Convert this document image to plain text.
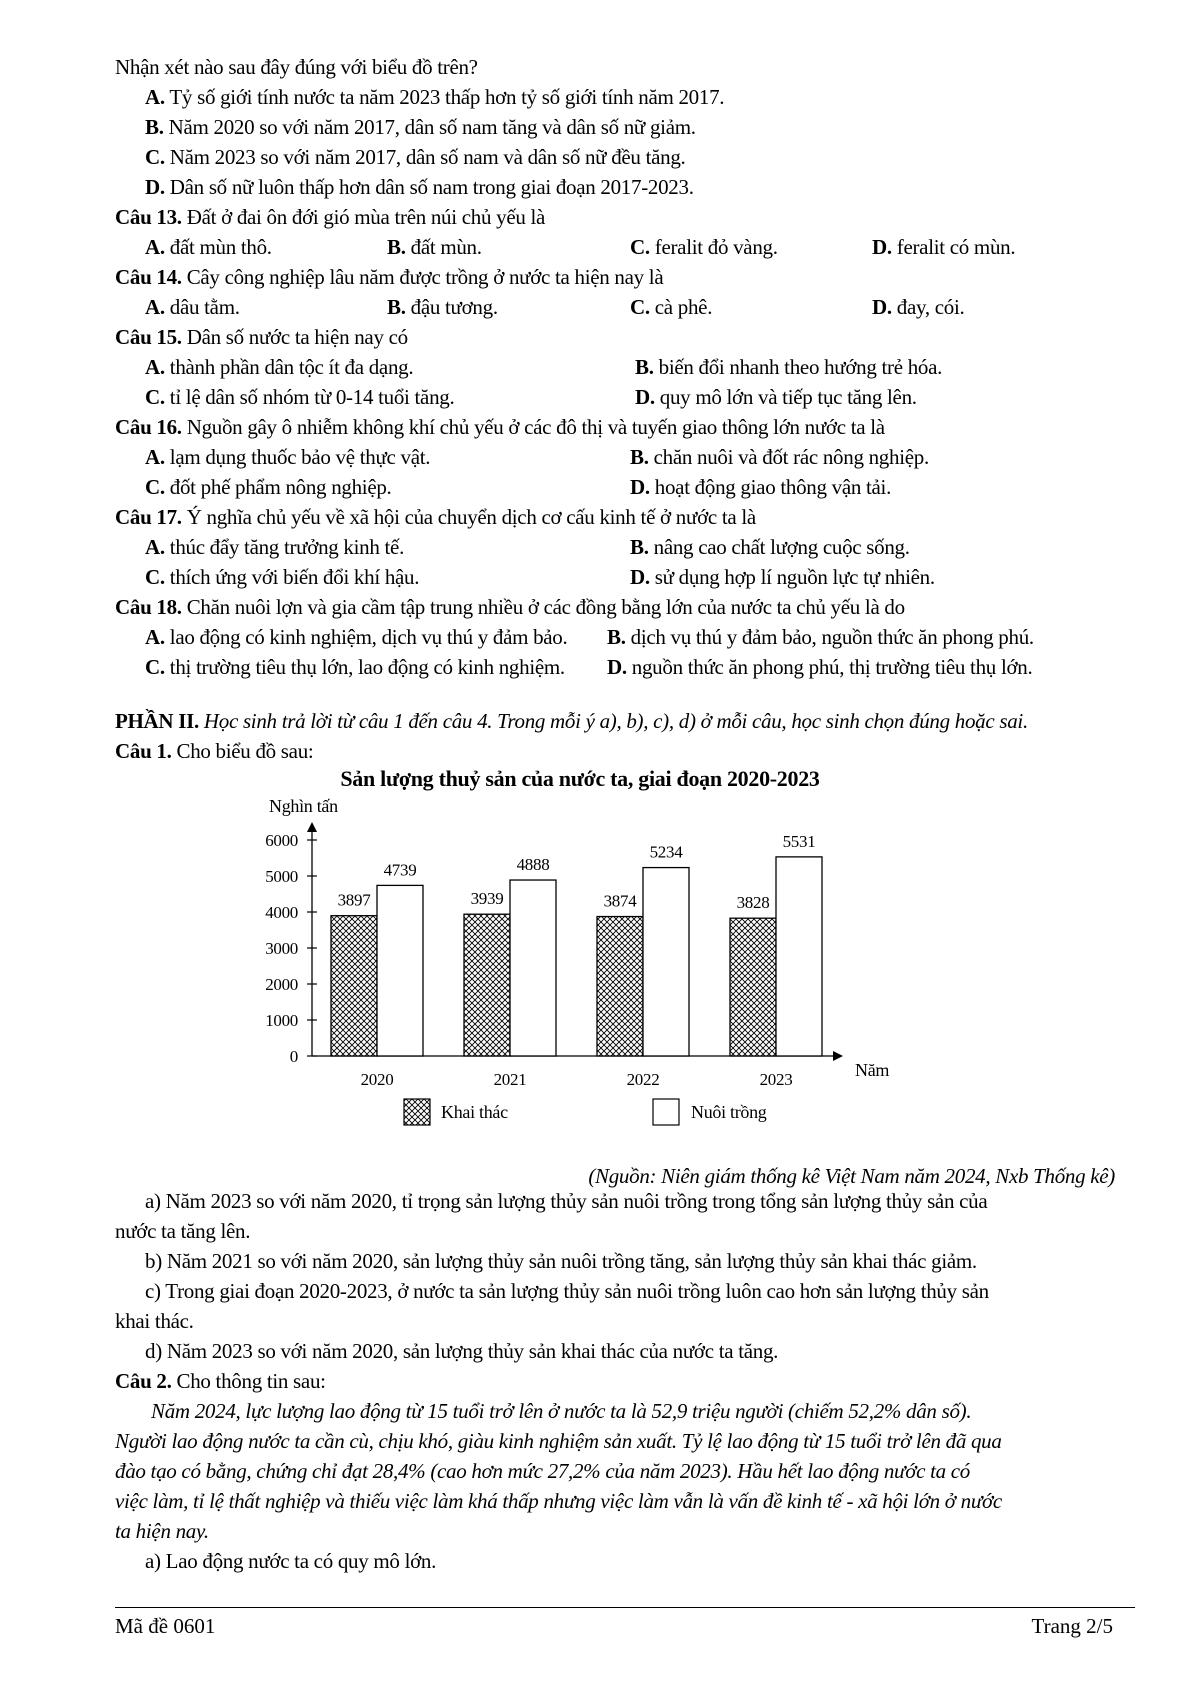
Nhận xét nào sau đây đúng với biểu đồ trên?
A. Tỷ số giới tính nước ta năm 2023 thấp hơn tỷ số giới tính năm 2017.
B. Năm 2020 so với năm 2017, dân số nam tăng và dân số nữ giảm.
C. Năm 2023 so với năm 2017, dân số nam và dân số nữ đều tăng.
D. Dân số nữ luôn thấp hơn dân số nam trong giai đoạn 2017-2023.
Câu 13. Đất ở đai ôn đới gió mùa trên núi chủ yếu là
A. đất mùn thô.	B. đất mùn.	C. feralit đỏ vàng.	D. feralit có mùn.
Câu 14. Cây công nghiệp lâu năm được trồng ở nước ta hiện nay là
A. dâu tằm.	B. đậu tương.	C. cà phê.	D. đay, cói.
Câu 15. Dân số nước ta hiện nay có
A. thành phần dân tộc ít đa dạng.	B. biến đổi nhanh theo hướng trẻ hóa.
C. tỉ lệ dân số nhóm từ 0-14 tuổi tăng.	D. quy mô lớn và tiếp tục tăng lên.
Câu 16. Nguồn gây ô nhiễm không khí chủ yếu ở các đô thị và tuyến giao thông lớn nước ta là
A. lạm dụng thuốc bảo vệ thực vật.	B. chăn nuôi và đốt rác nông nghiệp.
C. đốt phế phẩm nông nghiệp.	D. hoạt động giao thông vận tải.
Câu 17. Ý nghĩa chủ yếu về xã hội của chuyển dịch cơ cấu kinh tế ở nước ta là
A. thúc đẩy tăng trưởng kinh tế.	B. nâng cao chất lượng cuộc sống.
C. thích ứng với biến đổi khí hậu.	D. sử dụng hợp lí nguồn lực tự nhiên.
Câu 18. Chăn nuôi lợn và gia cầm tập trung nhiều ở các đồng bằng lớn của nước ta chủ yếu là do
A. lao động có kinh nghiệm, dịch vụ thú y đảm bảo. B. dịch vụ thú y đảm bảo, nguồn thức ăn phong phú.
C. thị trường tiêu thụ lớn, lao động có kinh nghiệm. D. nguồn thức ăn phong phú, thị trường tiêu thụ lớn.
PHẦN II. Học sinh trả lời từ câu 1 đến câu 4. Trong mỗi ý a), b), c), d) ở mỗi câu, học sinh chọn đúng hoặc sai.
Câu 1. Cho biểu đồ sau:
Sản lượng thuỷ sản của nước ta, giai đoạn 2020-2023
Nghìn tấn
Năm
0
1000
2000
3000
4000
5000
6000
3897
4739
2020
3939
4888
2021
3874
5234
2022
3828
5531
2023
Khai thác	Nuôi trồng
(Nguồn: Niên giám thống kê Việt Nam năm 2024, Nxb Thống kê)
a) Năm 2023 so với năm 2020, tỉ trọng sản lượng thủy sản nuôi trồng trong tổng sản lượng thủy sản của
nước ta tăng lên.
b) Năm 2021 so với năm 2020, sản lượng thủy sản nuôi trồng tăng, sản lượng thủy sản khai thác giảm.
c) Trong giai đoạn 2020-2023, ở nước ta sản lượng thủy sản nuôi trồng luôn cao hơn sản lượng thủy sản
khai thác.
d) Năm 2023 so với năm 2020, sản lượng thủy sản khai thác của nước ta tăng.
Câu 2. Cho thông tin sau:
Năm 2024, lực lượng lao động từ 15 tuổi trở lên ở nước ta là 52,9 triệu người (chiếm 52,2% dân số).
Người lao động nước ta cần cù, chịu khó, giàu kinh nghiệm sản xuất. Tỷ lệ lao động từ 15 tuổi trở lên đã qua
đào tạo có bằng, chứng chỉ đạt 28,4% (cao hơn mức 27,2% của năm 2023). Hầu hết lao động nước ta có
việc làm, tỉ lệ thất nghiệp và thiếu việc làm khá thấp nhưng việc làm vẫn là vấn đề kinh tế - xã hội lớn ở nước
ta hiện nay.
a) Lao động nước ta có quy mô lớn.
Mã đề 0601	Trang 2/5
